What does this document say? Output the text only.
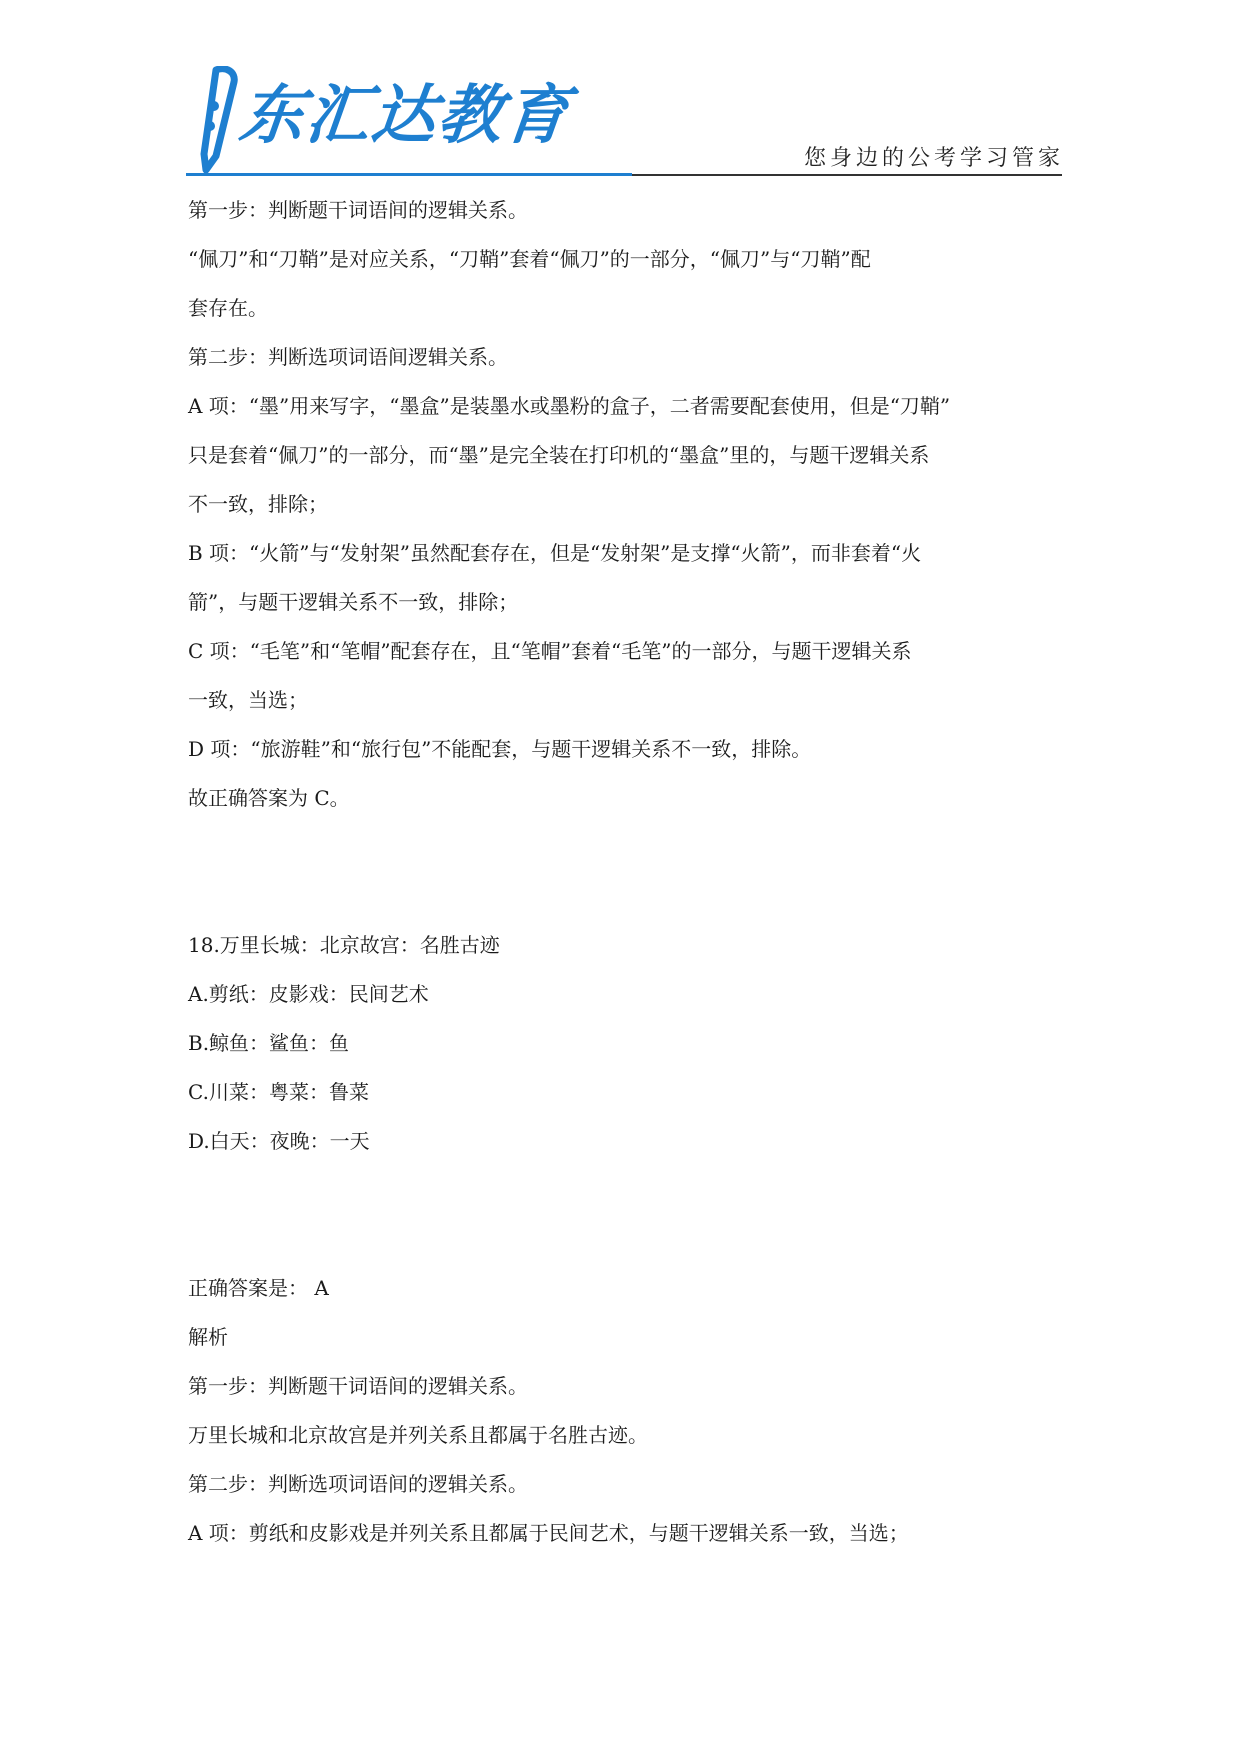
东汇达教育
您身边的公考学习管家
第一步：判断题干词语间的逻辑关系。
“佩刀”和“刀鞘”是对应关系，“刀鞘”套着“佩刀”的一部分，“佩刀”与“刀鞘”配
套存在。
第二步：判断选项词语间逻辑关系。
A 项：“墨”用来写字，“墨盒”是装墨水或墨粉的盒子，二者需要配套使用，但是“刀鞘”
只是套着“佩刀”的一部分，而“墨”是完全装在打印机的“墨盒”里的，与题干逻辑关系
不一致，排除；
B 项：“火箭”与“发射架”虽然配套存在，但是“发射架”是支撑“火箭”，而非套着“火
箭”，与题干逻辑关系不一致，排除；
C 项：“毛笔”和“笔帽”配套存在，且“笔帽”套着“毛笔”的一部分，与题干逻辑关系
一致，当选；
D 项：“旅游鞋”和“旅行包”不能配套，与题干逻辑关系不一致，排除。
故正确答案为 C。
18.万里长城：北京故宫：名胜古迹
A.剪纸：皮影戏：民间艺术
B.鲸鱼：鲨鱼：鱼
C.川菜：粤菜：鲁菜
D.白天：夜晚：一天
正确答案是： A
解析
第一步：判断题干词语间的逻辑关系。
万里长城和北京故宫是并列关系且都属于名胜古迹。
第二步：判断选项词语间的逻辑关系。
A 项：剪纸和皮影戏是并列关系且都属于民间艺术，与题干逻辑关系一致，当选；
